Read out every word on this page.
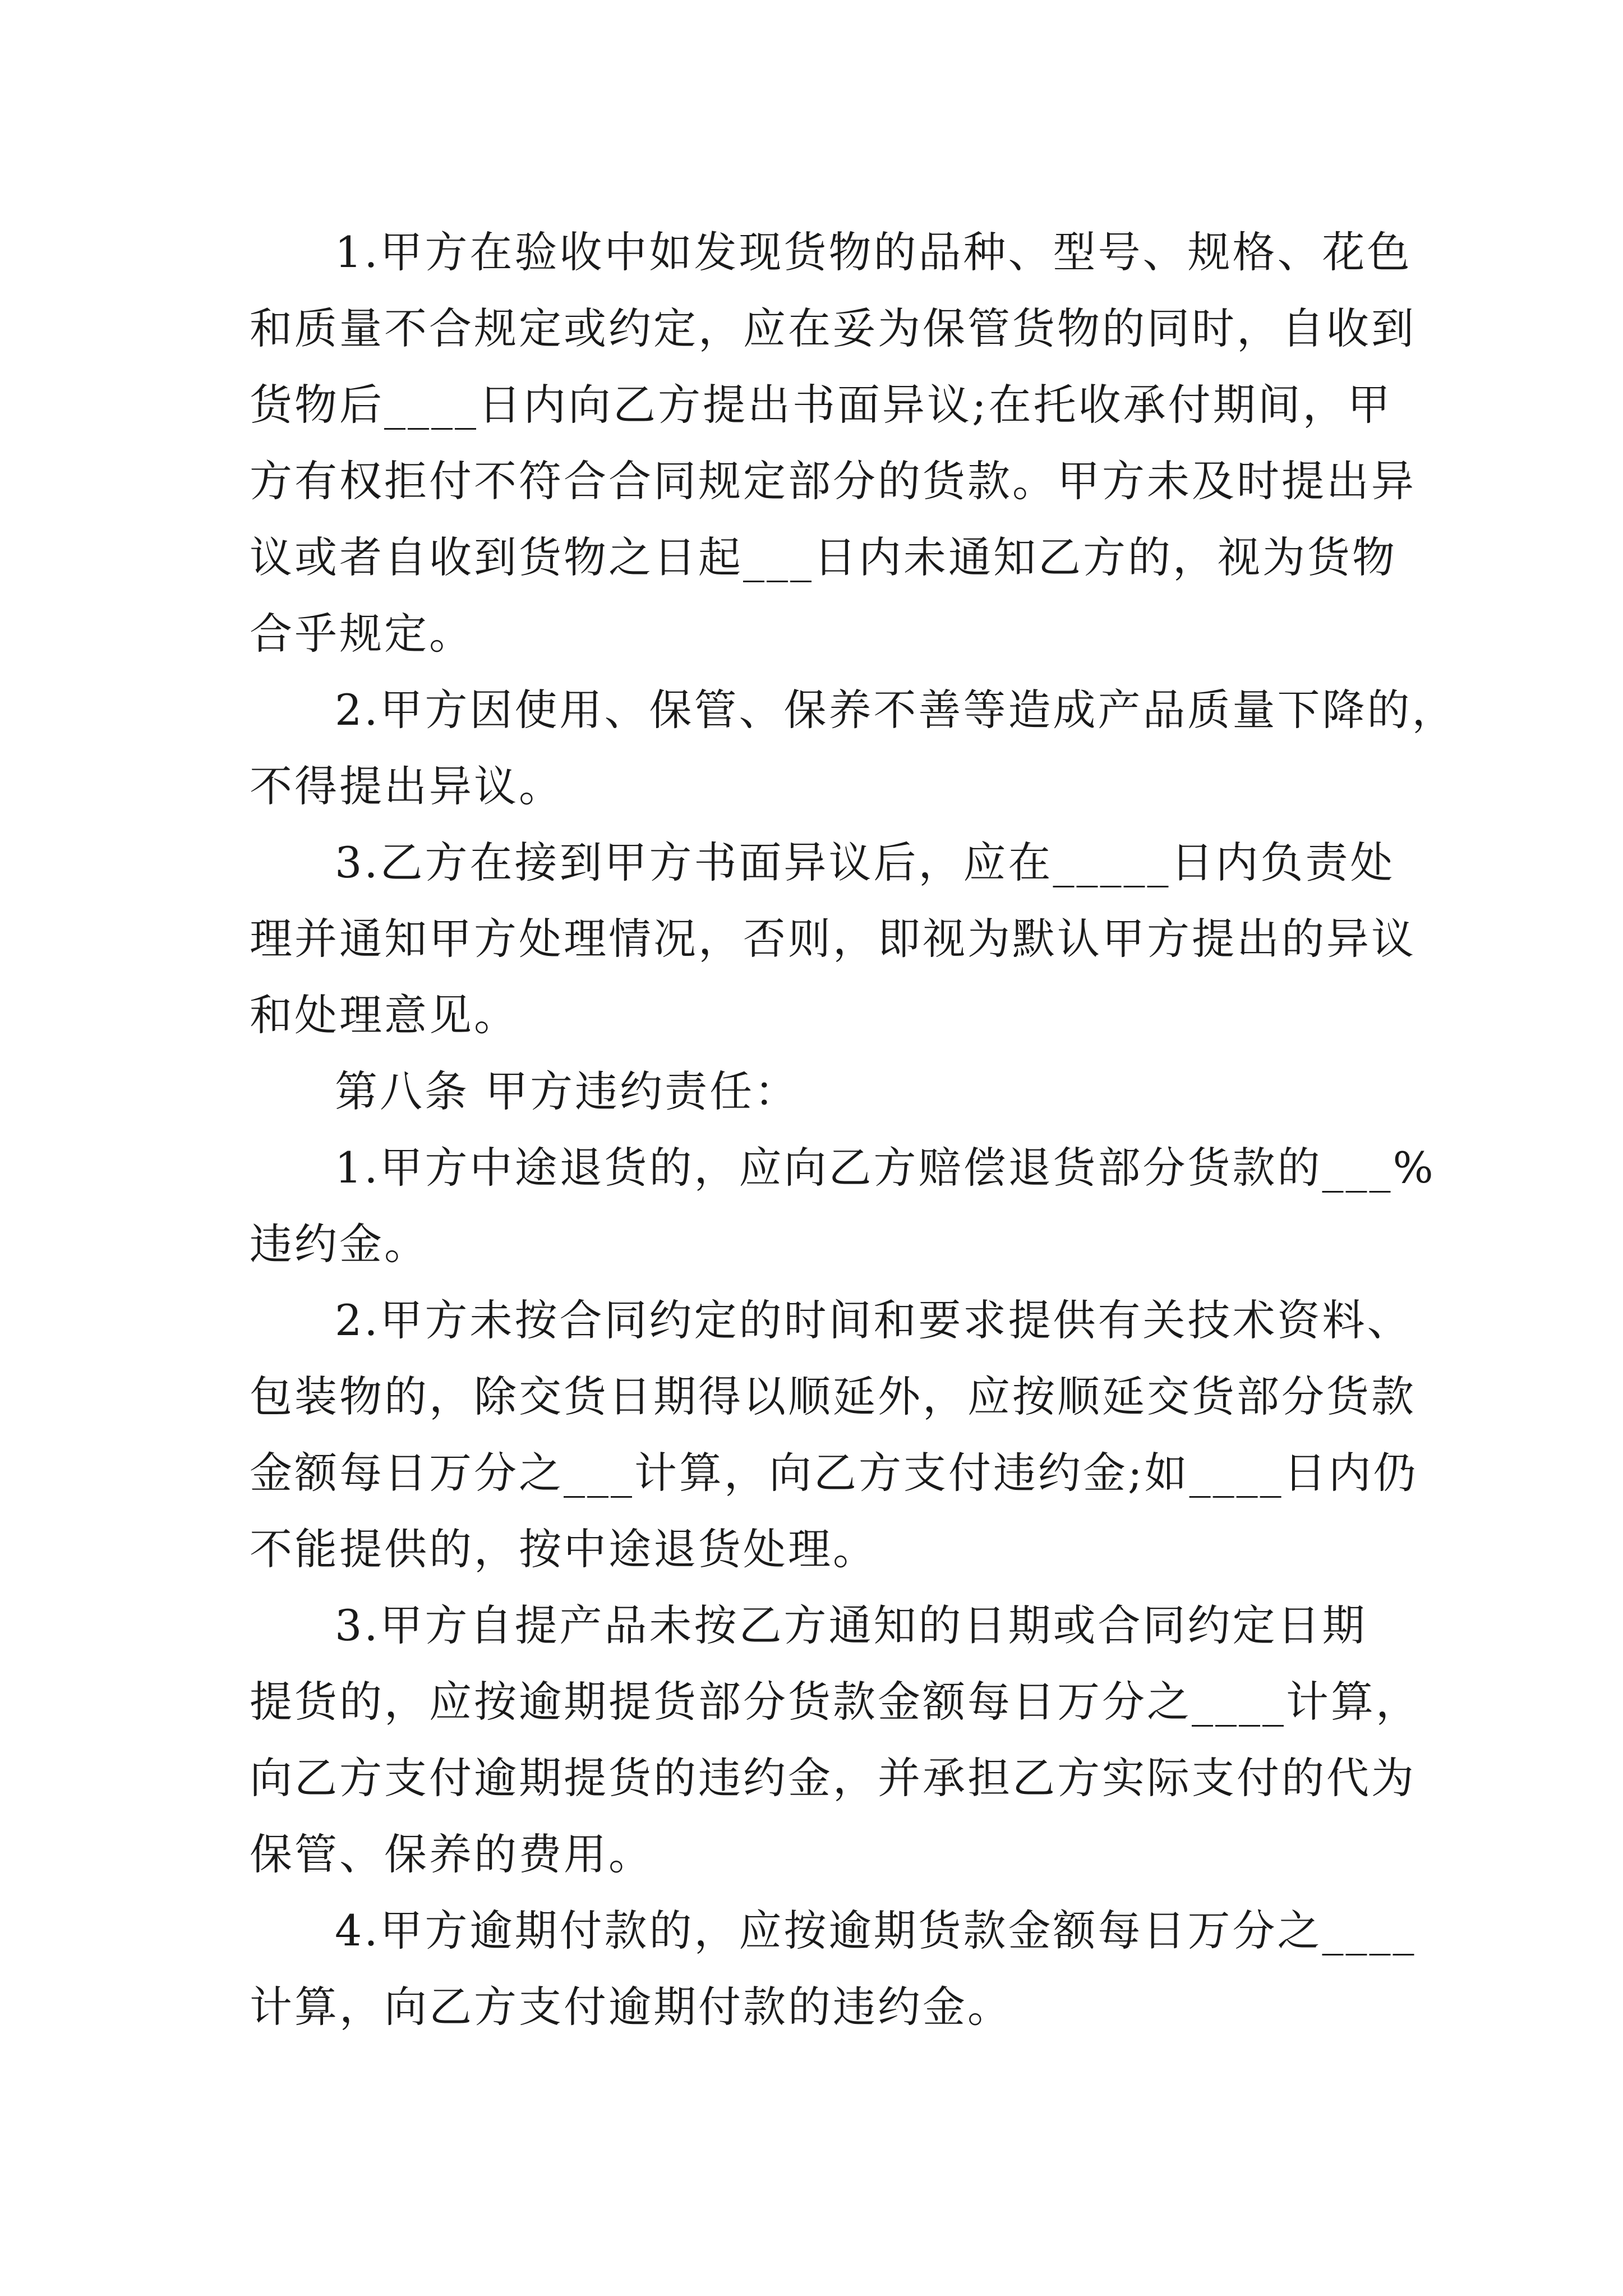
1.甲方在验收中如发现货物的品种、型号、规格、花色
和质量不合规定或约定，应在妥为保管货物的同时，自收到
货物后____日内向乙方提出书面异议;在托收承付期间，甲
方有权拒付不符合合同规定部分的货款。甲方未及时提出异
议或者自收到货物之日起___日内未通知乙方的，视为货物
合乎规定。
2.甲方因使用、保管、保养不善等造成产品质量下降的，
不得提出异议。
3.乙方在接到甲方书面异议后，应在_____日内负责处
理并通知甲方处理情况，否则，即视为默认甲方提出的异议
和处理意见。
第八条 甲方违约责任：
1.甲方中途退货的，应向乙方赔偿退货部分货款的___%
违约金。
2.甲方未按合同约定的时间和要求提供有关技术资料、
包装物的，除交货日期得以顺延外，应按顺延交货部分货款
金额每日万分之___计算，向乙方支付违约金;如____日内仍
不能提供的，按中途退货处理。
3.甲方自提产品未按乙方通知的日期或合同约定日期
提货的，应按逾期提货部分货款金额每日万分之____计算，
向乙方支付逾期提货的违约金，并承担乙方实际支付的代为
保管、保养的费用。
4.甲方逾期付款的，应按逾期货款金额每日万分之____
计算，向乙方支付逾期付款的违约金。
